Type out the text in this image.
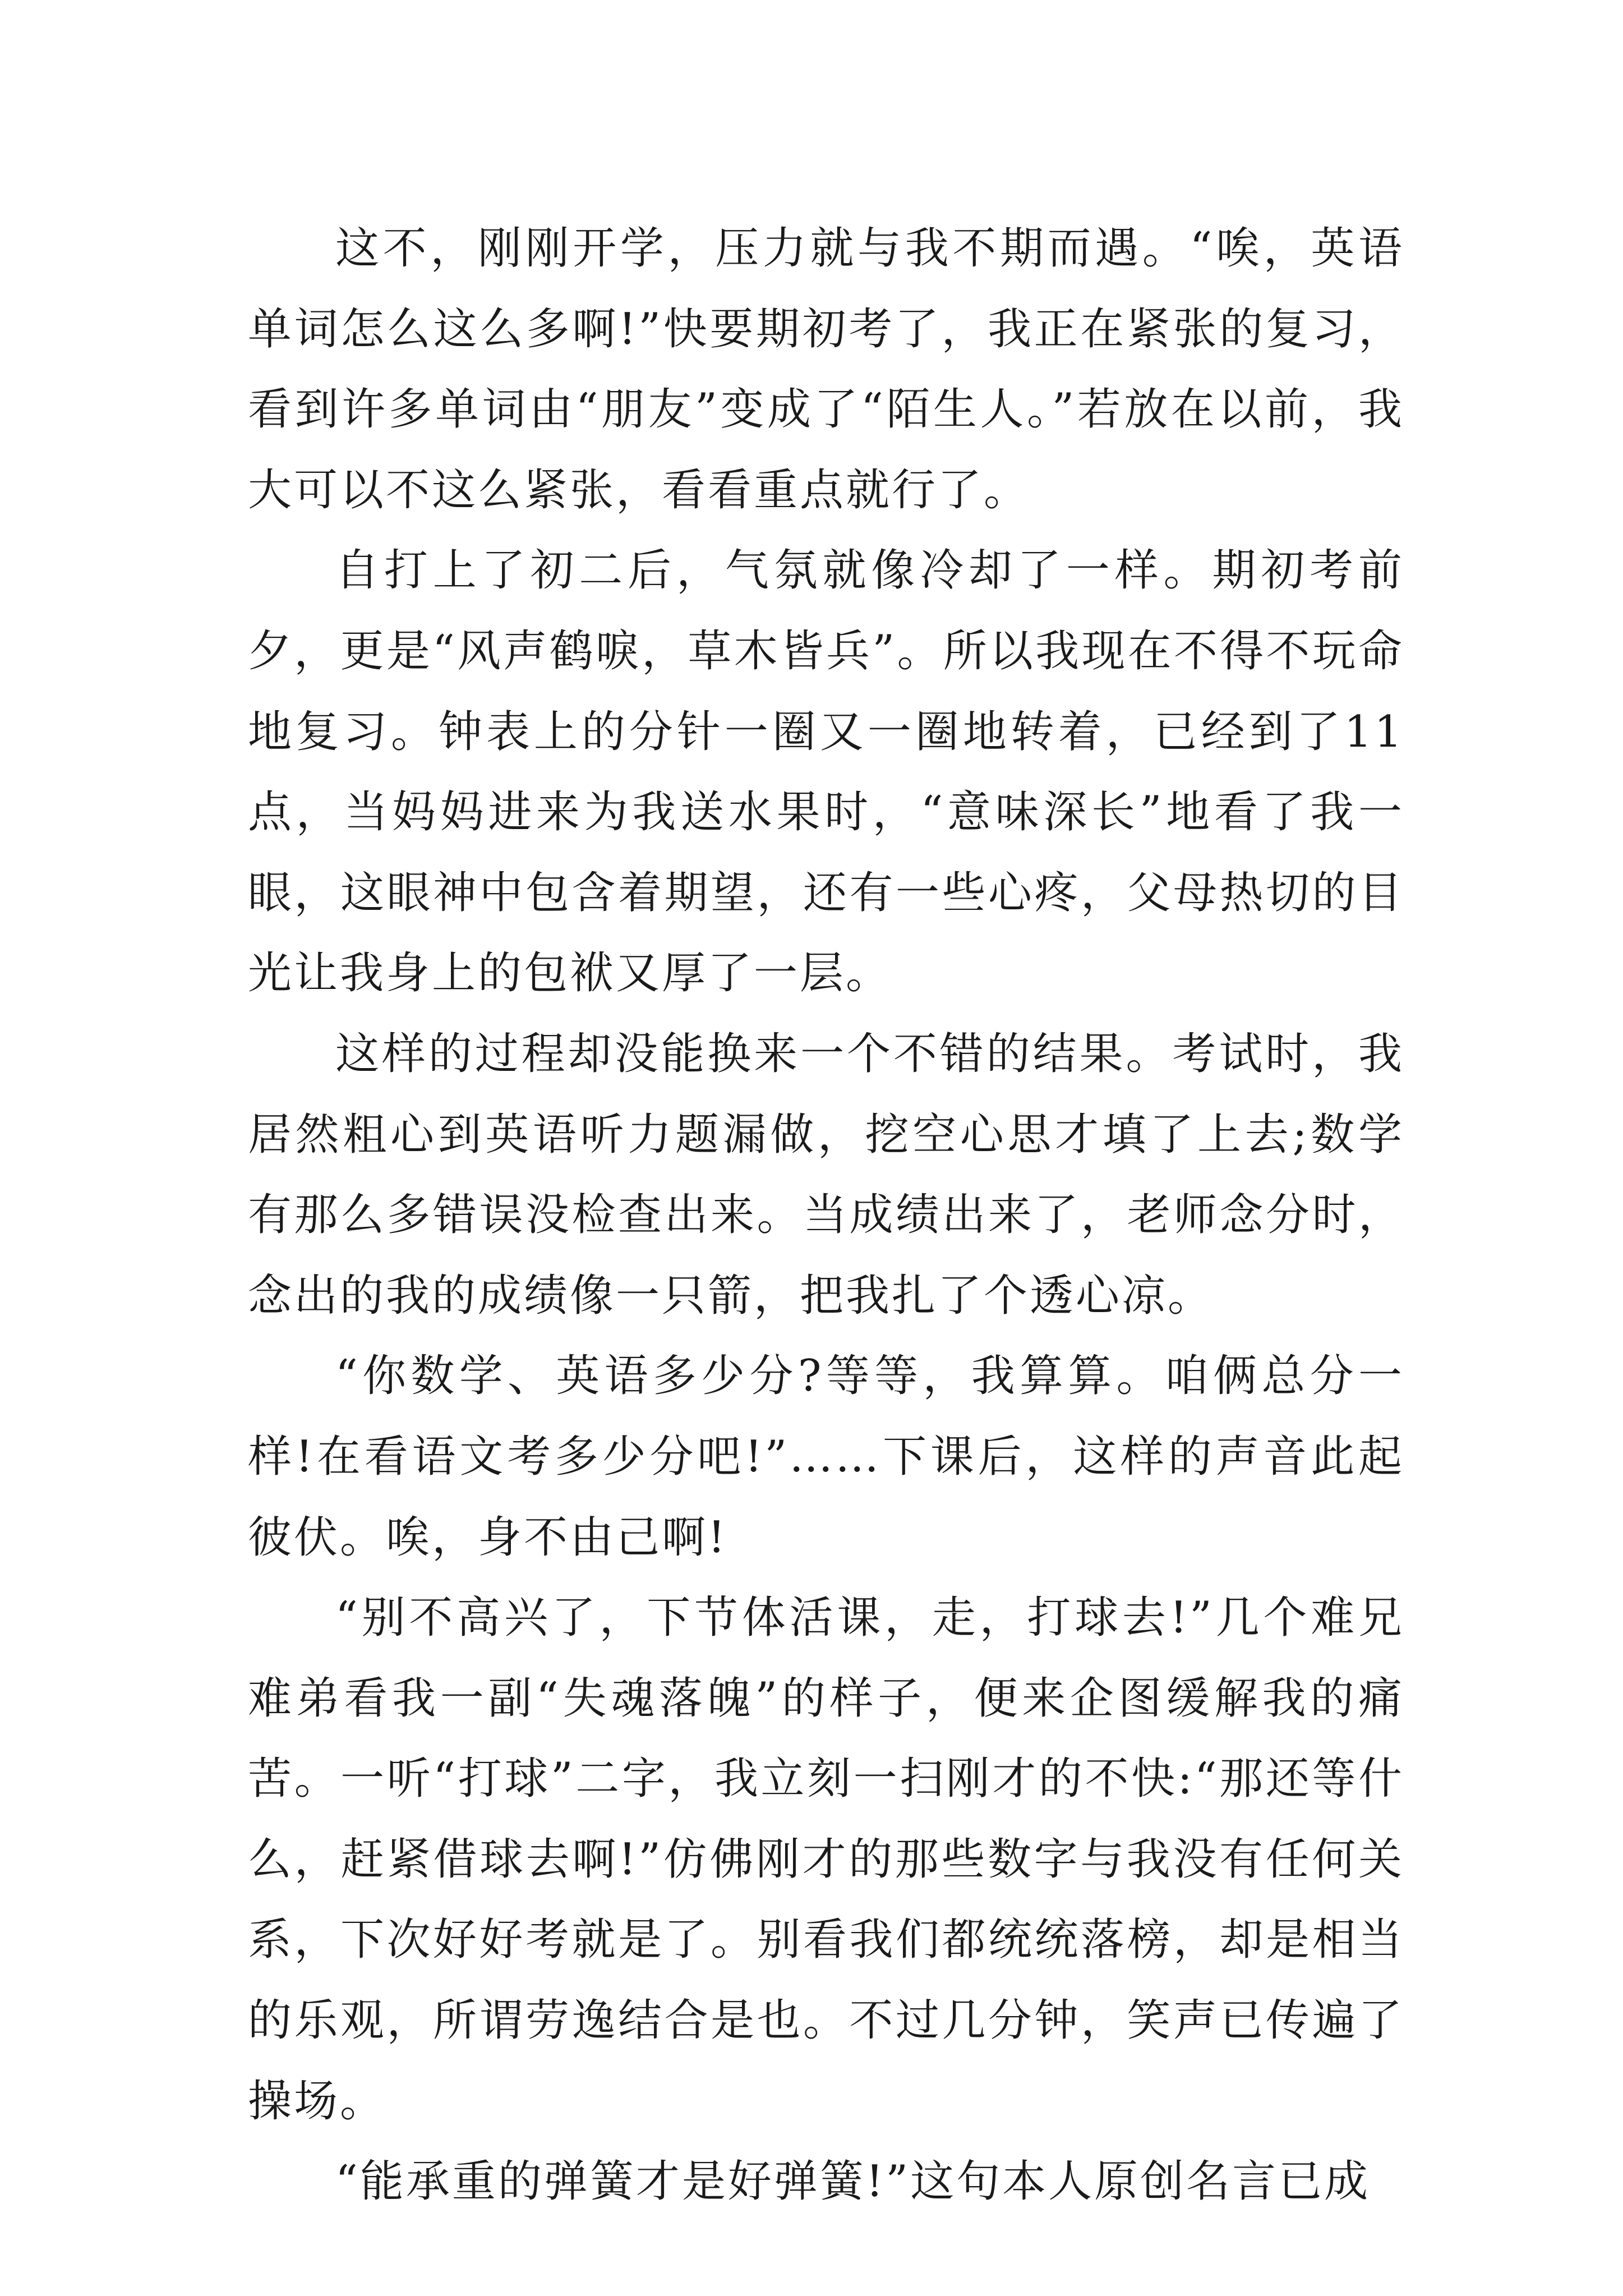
这不，刚刚开学，压力就与我不期而遇。“唉，英语单词怎么这么多啊!”快要期初考了，我正在紧张的复习，看到许多单词由“朋友”变成了“陌生人。”若放在以前，我大可以不这么紧张，看看重点就行了。

自打上了初二后，气氛就像冷却了一样。期初考前夕，更是“风声鹤唳，草木皆兵”。所以我现在不得不玩命地复习。钟表上的分针一圈又一圈地转着，已经到了11点，当妈妈进来为我送水果时，“意味深长”地看了我一眼，这眼神中包含着期望，还有一些心疼，父母热切的目光让我身上的包袱又厚了一层。

这样的过程却没能换来一个不错的结果。考试时，我居然粗心到英语听力题漏做，挖空心思才填了上去;数学有那么多错误没检查出来。当成绩出来了，老师念分时，念出的我的成绩像一只箭，把我扎了个透心凉。

“你数学、英语多少分?等等，我算算。咱俩总分一样!在看语文考多少分吧!”……下课后，这样的声音此起彼伏。唉，身不由己啊!

“别不高兴了，下节体活课，走，打球去!”几个难兄难弟看我一副“失魂落魄”的样子，便来企图缓解我的痛苦。一听“打球”二字，我立刻一扫刚才的不快:“那还等什么，赶紧借球去啊!”仿佛刚才的那些数字与我没有任何关系，下次好好考就是了。别看我们都统统落榜，却是相当的乐观，所谓劳逸结合是也。不过几分钟，笑声已传遍了操场。

“能承重的弹簧才是好弹簧!”这句本人原创名言已成
